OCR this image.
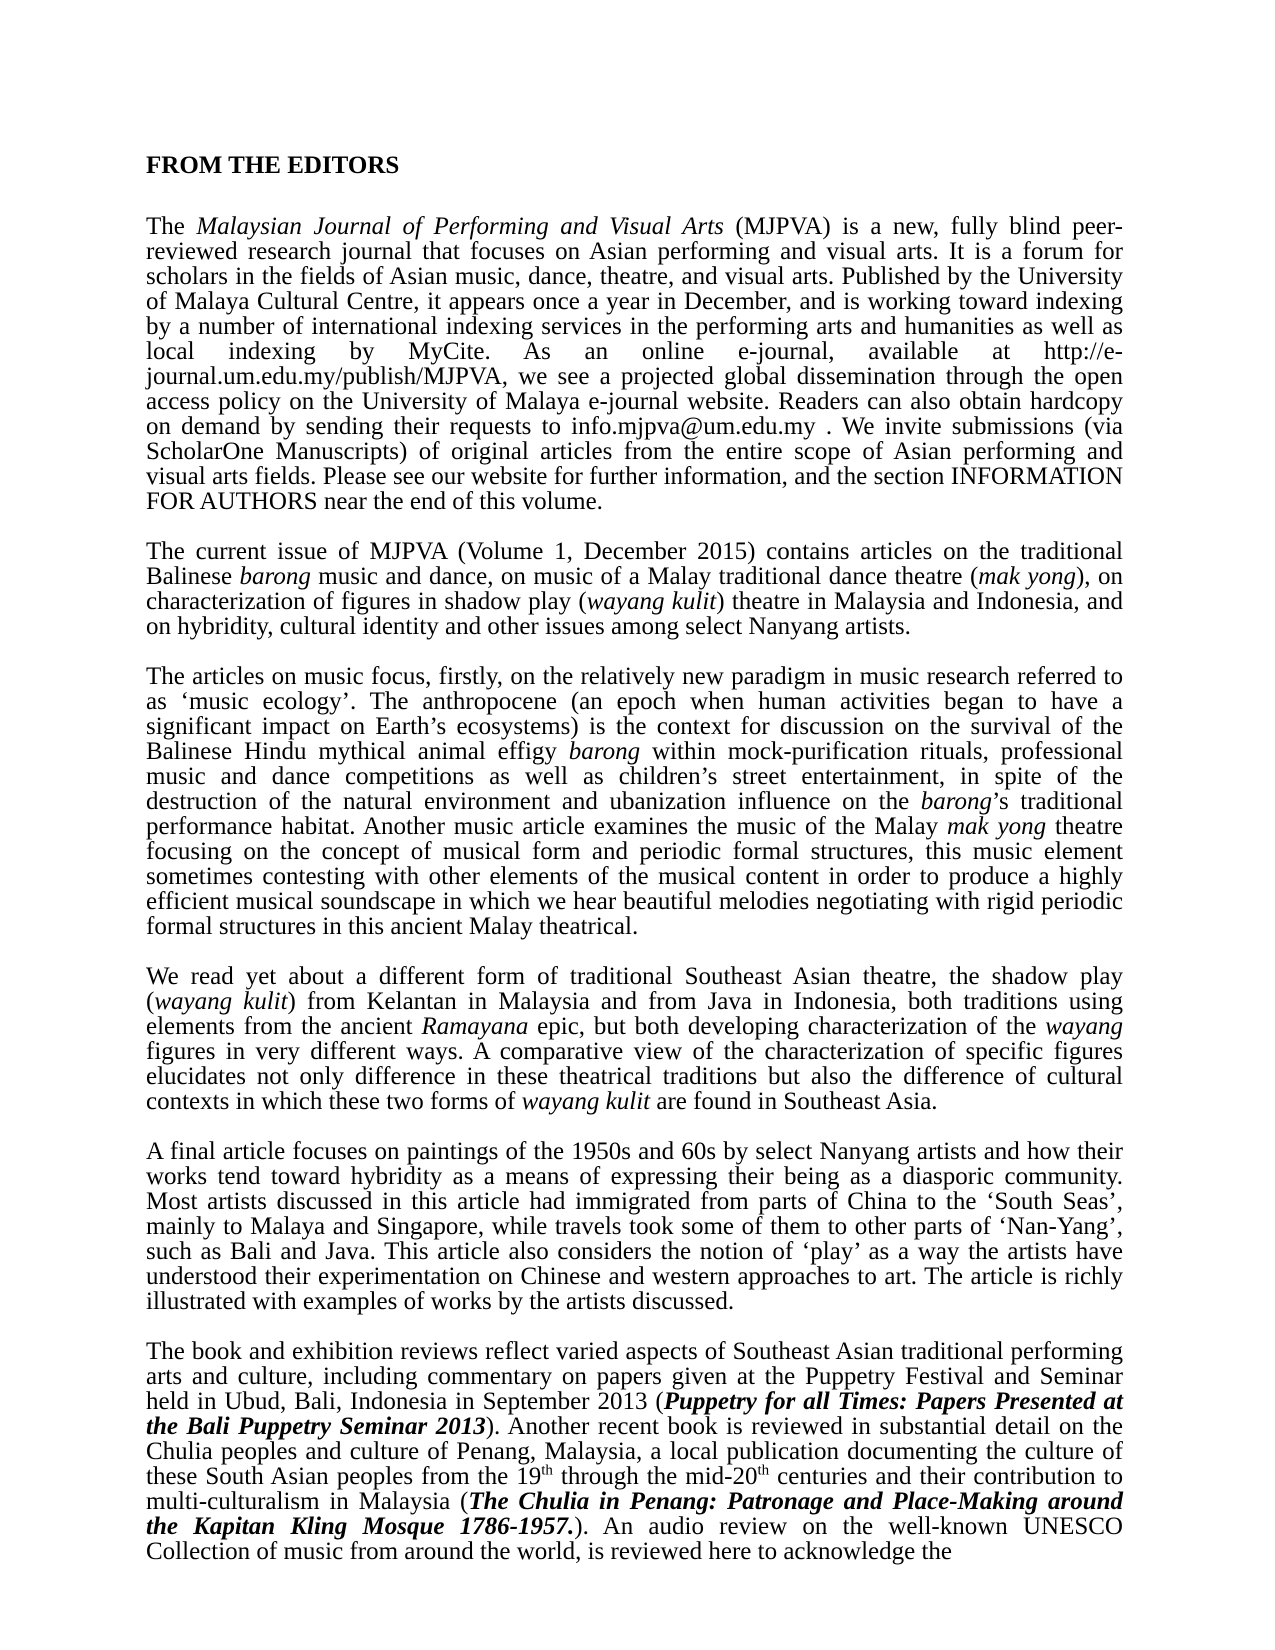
FROM THE EDITORS

The Malaysian Journal of Performing and Visual Arts (MJPVA) is a new, fully blind peer-reviewed research journal that focuses on Asian performing and visual arts. It is a forum for scholars in the fields of Asian music, dance, theatre, and visual arts. Published by the University of Malaya Cultural Centre, it appears once a year in December, and is working toward indexing by a number of international indexing services in the performing arts and humanities as well as local indexing by MyCite. As an online e-journal, available at http://e-journal.um.edu.my/publish/MJPVA, we see a projected global dissemination through the open access policy on the University of Malaya e-journal website. Readers can also obtain hardcopy on demand by sending their requests to info.mjpva@um.edu.my . We invite submissions (via ScholarOne Manuscripts) of original articles from the entire scope of Asian performing and visual arts fields. Please see our website for further information, and the section INFORMATION FOR AUTHORS near the end of this volume.

The current issue of MJPVA (Volume 1, December 2015) contains articles on the traditional Balinese barong music and dance, on music of a Malay traditional dance theatre (mak yong), on characterization of figures in shadow play (wayang kulit) theatre in Malaysia and Indonesia, and on hybridity, cultural identity and other issues among select Nanyang artists.

The articles on music focus, firstly, on the relatively new paradigm in music research referred to as ‘music ecology’. The anthropocene (an epoch when human activities began to have a significant impact on Earth’s ecosystems) is the context for discussion on the survival of the Balinese Hindu mythical animal effigy barong within mock-purification rituals, professional music and dance competitions as well as children’s street entertainment, in spite of the destruction of the natural environment and ubanization influence on the barong’s traditional performance habitat. Another music article examines the music of the Malay mak yong theatre focusing on the concept of musical form and periodic formal structures, this music element sometimes contesting with other elements of the musical content in order to produce a highly efficient musical soundscape in which we hear beautiful melodies negotiating with rigid periodic formal structures in this ancient Malay theatrical.

We read yet about a different form of traditional Southeast Asian theatre, the shadow play (wayang kulit) from Kelantan in Malaysia and from Java in Indonesia, both traditions using elements from the ancient Ramayana epic, but both developing characterization of the wayang figures in very different ways. A comparative view of the characterization of specific figures elucidates not only difference in these theatrical traditions but also the difference of cultural contexts in which these two forms of wayang kulit are found in Southeast Asia.

A final article focuses on paintings of the 1950s and 60s by select Nanyang artists and how their works tend toward hybridity as a means of expressing their being as a diasporic community. Most artists discussed in this article had immigrated from parts of China to the ‘South Seas’, mainly to Malaya and Singapore, while travels took some of them to other parts of ‘Nan-Yang’, such as Bali and Java. This article also considers the notion of ‘play’ as a way the artists have understood their experimentation on Chinese and western approaches to art. The article is richly illustrated with examples of works by the artists discussed.

The book and exhibition reviews reflect varied aspects of Southeast Asian traditional performing arts and culture, including commentary on papers given at the Puppetry Festival and Seminar held in Ubud, Bali, Indonesia in September 2013 (Puppetry for all Times: Papers Presented at the Bali Puppetry Seminar 2013). Another recent book is reviewed in substantial detail on the Chulia peoples and culture of Penang, Malaysia, a local publication documenting the culture of these South Asian peoples from the 19th through the mid-20th centuries and their contribution to multi-culturalism in Malaysia (The Chulia in Penang: Patronage and Place-Making around the Kapitan Kling Mosque 1786-1957.). An audio review on the well-known UNESCO Collection of music from around the world, is reviewed here to acknowledge the
